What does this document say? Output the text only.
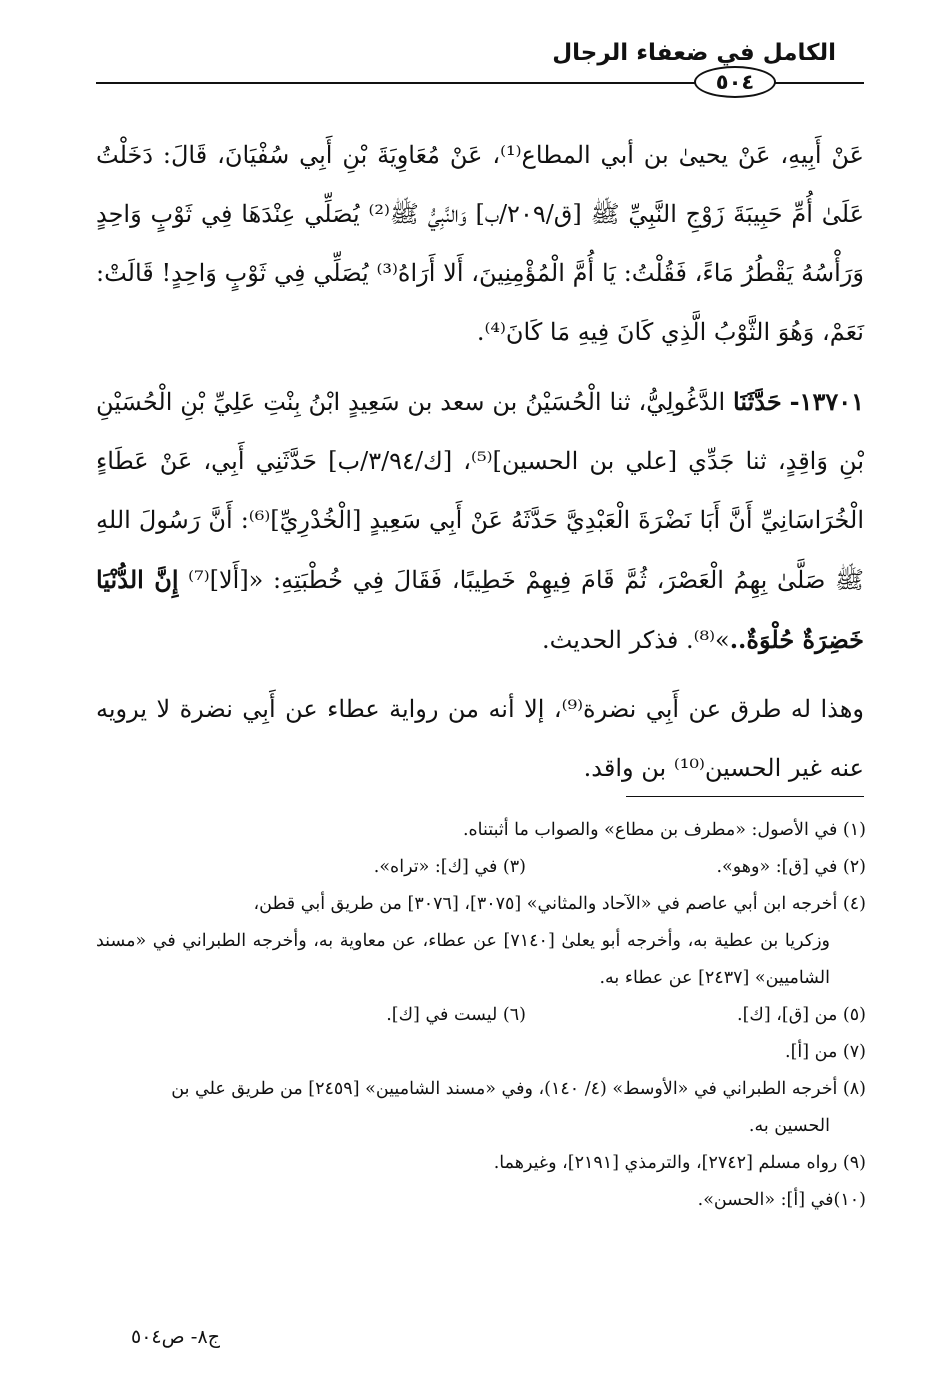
الكامل في ضعفاء الرجال
٥٠٤

عَنْ أَبِيهِ، عَنْ يحيىٰ بن أبي المطاع⁽¹⁾، عَنْ مُعَاوِيَةَ بْنِ أَبِي سُفْيَانَ، قَالَ: دَخَلْتُ عَلَىٰ أُمِّ حَبِيبَةَ زَوْجِ النَّبِيِّ ﷺ [ق/٢٠٩/ب] وَالنَّبِيُّ ﷺ⁽²⁾ يُصَلِّي عِنْدَهَا فِي ثَوْبٍ وَاحِدٍ وَرَأْسُهُ يَقْطُرُ مَاءً، فَقُلْتُ: يَا أُمَّ الْمُؤْمِنِينَ، أَلا أَرَاهُ⁽³⁾ يُصَلِّي فِي ثَوْبٍ وَاحِدٍ! قَالَتْ: نَعَمْ، وَهُوَ الثَّوْبُ الَّذِي كَانَ فِيهِ مَا كَانَ⁽⁴⁾.

١٣٧٠١- حَدَّثَنَا الدَّغُولِيُّ، ثنا الْحُسَيْنُ بن سعد بن سَعِيدٍ ابْنُ بِنْتِ عَلِيِّ بْنِ الْحُسَيْنِ بْنِ وَاقِدٍ، ثنا جَدِّي [علي بن الحسين]⁽⁵⁾، [ك/٣/٩٤/ب] حَدَّثَنِي أَبِي، عَنْ عَطَاءٍ الْخُرَاسَانِيِّ أَنَّ أَبَا نَضْرَةَ الْعَبْدِيَّ حَدَّثَهُ عَنْ أَبِي سَعِيدٍ [الْخُدْرِيِّ]⁽⁶⁾: أَنَّ رَسُولَ اللهِ ﷺ صَلَّىٰ بِهِمُ الْعَصْرَ، ثُمَّ قَامَ فِيهِمْ خَطِيبًا، فَقَالَ فِي خُطْبَتِهِ: «[أَلا]⁽⁷⁾ إِنَّ الدُّنْيَا خَضِرَةٌ حُلْوَةٌ..»⁽⁸⁾. فذكر الحديث.

وهذا له طرق عن أَبِي نضرة⁽⁹⁾، إلا أنه من رواية عطاء عن أَبِي نضرة لا يرويه عنه غير الحسين⁽¹⁰⁾ بن واقد.

(١) في الأصول: «مطرف بن مطاع» والصواب ما أثبتناه.

(٢) في [ق]: «وهو».
(٣) في [ك]: «تراه».

(٤) أخرجه ابن أبي عاصم في «الآحاد والمثاني» [٣٠٧٥]، [٣٠٧٦] من طريق أبي قطن،

وزكريا بن عطية به، وأخرجه أبو يعلىٰ [٧١٤٠] عن عطاء، عن معاوية به، وأخرجه الطبراني في «مسند الشاميين» [٢٤٣٧] عن عطاء به.

(٥) من [ق]، [ك].
(٦) ليست في [ك].

(٧) من [أ].

(٨) أخرجه الطبراني في «الأوسط» (٤/ ١٤٠)، وفي «مسند الشاميين» [٢٤٥٩] من طريق علي بن

الحسين به.

(٩) رواه مسلم [٢٧٤٢]، والترمذي [٢١٩١]، وغيرهما.

(١٠)في [أ]: «الحسن».

ج٨- ص٥٠٤
